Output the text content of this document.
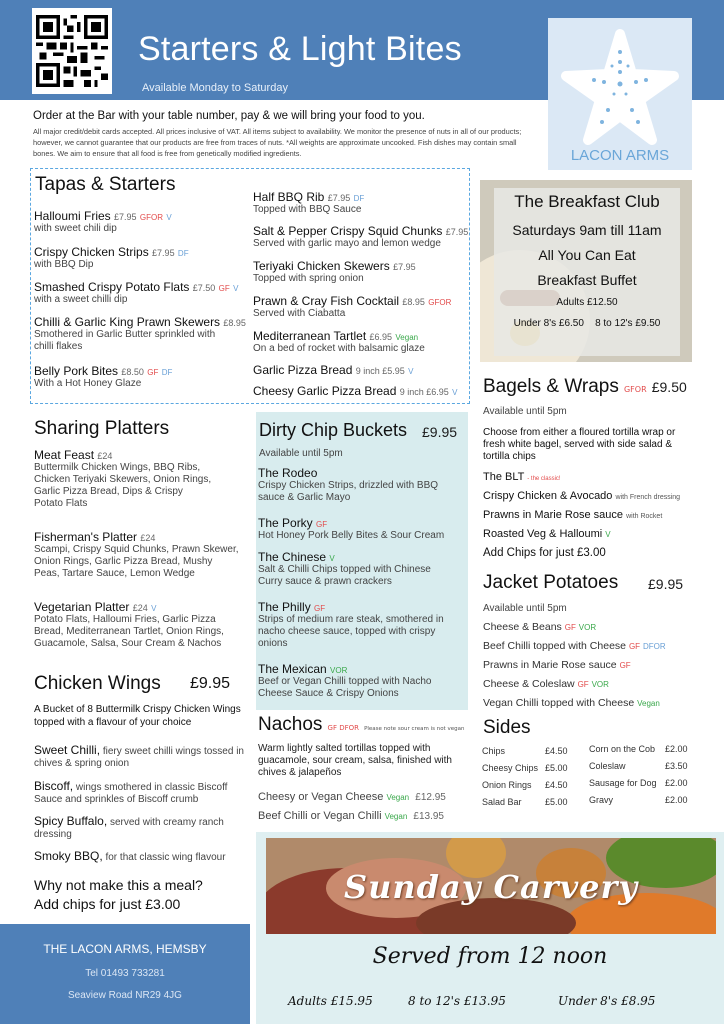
Starters & Light Bites
Available Monday to Saturday
LACON ARMS
Order at the Bar with your table number, pay & we will bring your food to you.
All major credit/debit cards accepted. All prices inclusive of VAT. All items subject to availability. We monitor the presence of nuts in all of our products; however, we cannot guarantee that our products are free from traces of nuts. *All weights are approximate uncooked. Fish dishes may contain small bones. We aim to ensure that all food is free from genetically modified ingredients.
Tapas & Starters
Halloumi Fries £7.95 GFOR V
with sweet chili dip
Crispy Chicken Strips £7.95 DF
with BBQ Dip
Smashed Crispy Potato Flats £7.50 GF V
with a sweet chilli dip
Chilli & Garlic King Prawn Skewers £8.95
Smothered in Garlic Butter sprinkled with chilli flakes
Belly Pork Bites £8.50 GF DF
With a Hot Honey Glaze
Half BBQ Rib £7.95 DF
Topped with BBQ Sauce
Salt & Pepper Crispy Squid Chunks £7.95
Served with garlic mayo and lemon wedge
Teriyaki Chicken Skewers £7.95
Topped with spring onion
Prawn & Cray Fish Cocktail £8.95 GFOR
Served with Ciabatta
Mediterranean Tartlet £6.95 Vegan
On a bed of rocket with balsamic glaze
Garlic Pizza Bread 9 inch £5.95 V
Cheesy Garlic Pizza Bread 9 inch £6.95 V
The Breakfast Club
Saturdays 9am till 11am
All You Can Eat
Breakfast Buffet
Adults £12.50
Under 8's £6.50 8 to 12's £9.50
Sharing Platters
Meat Feast £24
Buttermilk Chicken Wings, BBQ Ribs, Chicken Teriyaki Skewers, Onion Rings, Garlic Pizza Bread, Dips & Crispy Potato Flats
Fisherman's Platter £24
Scampi, Crispy Squid Chunks, Prawn Skewer, Onion Rings, Garlic Pizza Bread, Mushy Peas, Tartare Sauce, Lemon Wedge
Vegetarian Platter £24 V
Potato Flats, Halloumi Fries, Garlic Pizza Bread, Mediterranean Tartlet, Onion Rings, Guacamole, Salsa, Sour Cream & Nachos
Chicken Wings £9.95
A Bucket of 8 Buttermilk Crispy Chicken Wings topped with a flavour of your choice
Sweet Chilli, fiery sweet chilli wings tossed in chives & spring onion
Biscoff, wings smothered in classic Biscoff Sauce and sprinkles of Biscoff crumb
Spicy Buffalo, served with creamy ranch dressing
Smoky BBQ, for that classic wing flavour
Why not make this a meal?
Add chips for just £3.00
THE LACON ARMS, HEMSBY
Tel 01493 733281
Seaview Road NR29 4JG
Dirty Chip Buckets £9.95
Available until 5pm
The Rodeo
Crispy Chicken Strips, drizzled with BBQ sauce & Garlic Mayo
The Porky GF
Hot Honey Pork Belly Bites & Sour Cream
The Chinese V
Salt & Chilli Chips topped with Chinese Curry sauce & prawn crackers
The Philly GF
Strips of medium rare steak, smothered in nacho cheese sauce, topped with crispy onions
The Mexican VOR
Beef or Vegan Chilli topped with Nacho Cheese Sauce & Crispy Onions
Nachos GF DFOR Please note sour cream is not vegan
Warm lightly salted tortillas topped with guacamole, sour cream, salsa, finished with chives & jalapeños
Cheesy or Vegan Cheese Vegan £12.95
Beef Chilli or Vegan Chilli Vegan £13.95
Bagels & Wraps GFOR £9.50
Available until 5pm
Choose from either a floured tortilla wrap or fresh white bagel, served with side salad & tortilla chips
The BLT - the classic!
Crispy Chicken & Avocado with French dressing
Prawns in Marie Rose sauce with Rocket
Roasted Veg & Halloumi V
Add Chips for just £3.00
Jacket Potatoes £9.95
Available until 5pm
Cheese & Beans GF VOR
Beef Chilli topped with Cheese GF DFOR
Prawns in Marie Rose sauce GF
Cheese & Coleslaw GF VOR
Vegan Chilli topped with Cheese Vegan
Sides
Chips	£4.50
Cheesy Chips £5.00
Onion Rings £4.50
Salad Bar	£5.00
Corn on the Cob £2.00
Coleslaw	£3.50
Sausage for Dog £2.00
Gravy	£2.00
Sunday Carvery
Served from 12 noon
Adults £15.95	8 to 12's £13.95	Under 8's £8.95
